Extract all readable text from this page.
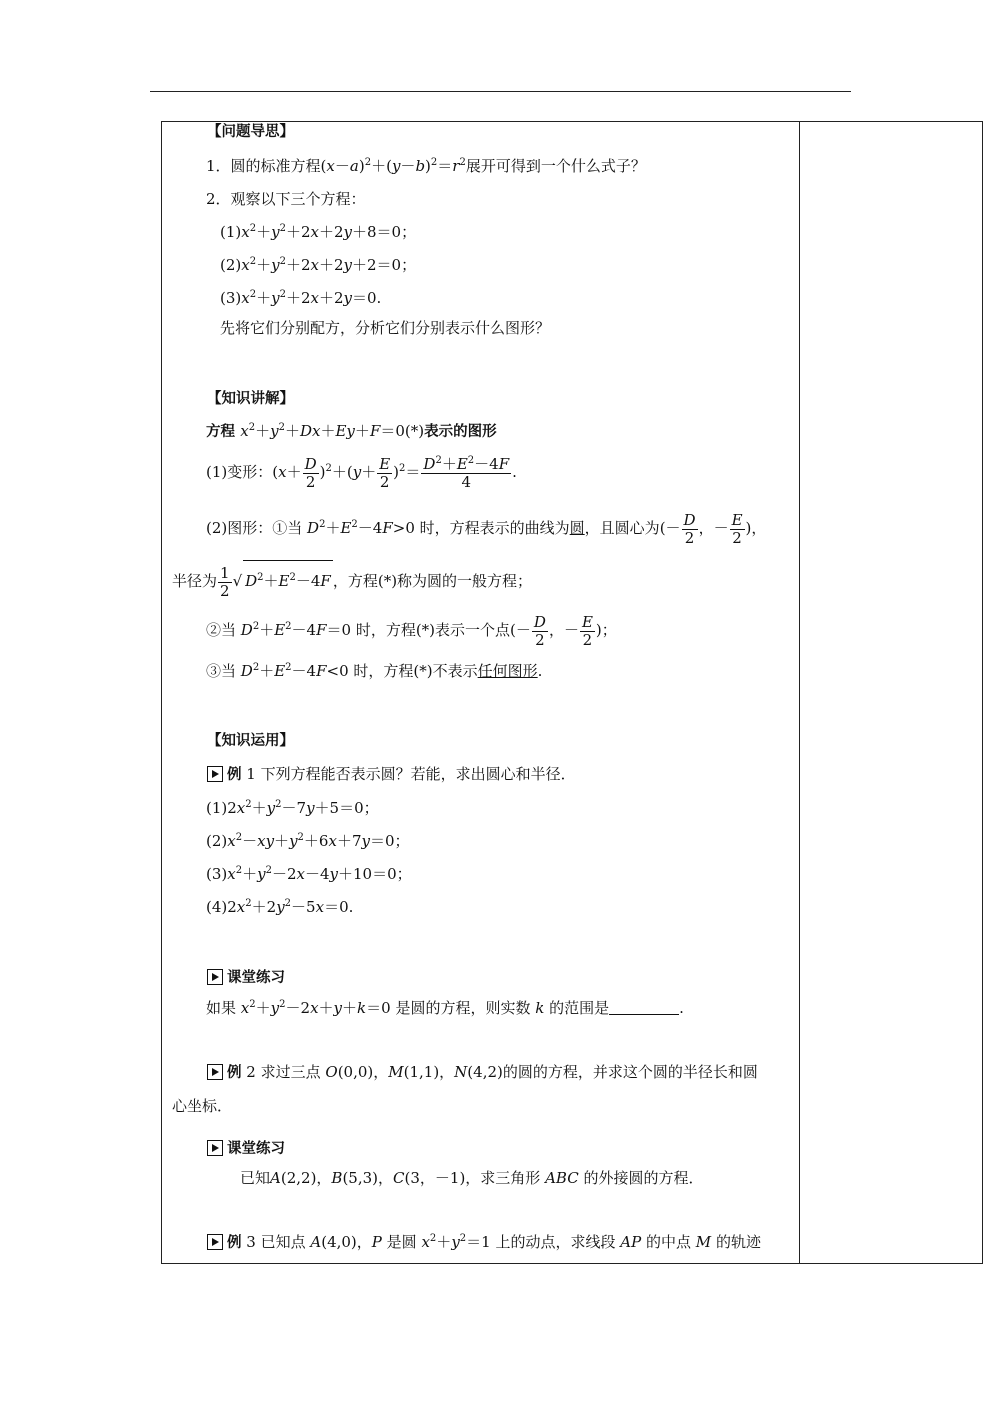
【问题导思】
1．圆的标准方程$(x-a)^2+(y-b)^2=r^2$展开可得到一个什么式子？
2．观察以下三个方程：
$(1)x^2+y^2+2x+2y+8=0$；
$(2)x^2+y^2+2x+2y+2=0$；
$(3)x^2+y^2+2x+2y=0$.
先将它们分别配方，分析它们分别表示什么图形？
【知识讲解】
方程 $x^2+y^2+Dx+Ey+F=0(*)$表示的图形
(1)变形：$(x+ \frac{D}{2} )^2+(y+ \frac{E}{2} )^2= \frac{D^2+E^2-4F}{4}$ .
(2)图形：①当 $D^2+E^2-4F>0$ 时，方程表示的曲线为圆，且圆心为(－ $\frac{D}{2}$ ，－ $\frac{E}{2}$ )，
半径为 $\frac{1}{2}$ √ $D^2+E^2-4F$ ，方程(*)称为圆的一般方程；
②当 $D^2+E^2-4F=0$ 时，方程(*)表示一个点(－ $\frac{D}{2}$ ，－ $\frac{E}{2}$ )；
③当 $D^2+E^2-4F<0$ 时，方程(*)不表示任何图形.
【知识运用】
例 1 下列方程能否表示圆？若能，求出圆心和半径．
$(1)2x^2+y^2-7y+5=0$；
$(2)x^2-xy+y^2+6x+7y=0$；
$(3)x^2+y^2-2x-4y+10=0$；
$(4)2x^2+2y^2-5x=0$.
课堂练习
如果 $x^2+y^2-2x+y+k=0$ 是圆的方程，则实数 k 的范围是	.
例 2 求过三点 O(0,0)，M(1,1)，N(4,2)的圆的方程，并求这个圆的半径长和圆
心坐标．
课堂练习
已知A(2,2)，B(5,3)，C(3，－1)，求三角形 ABC 的外接圆的方程．
例 3 已知点 A(4,0)，P 是圆 $x^2+y^2=1$ 上的动点，求线段 AP 的中点 M 的轨迹
